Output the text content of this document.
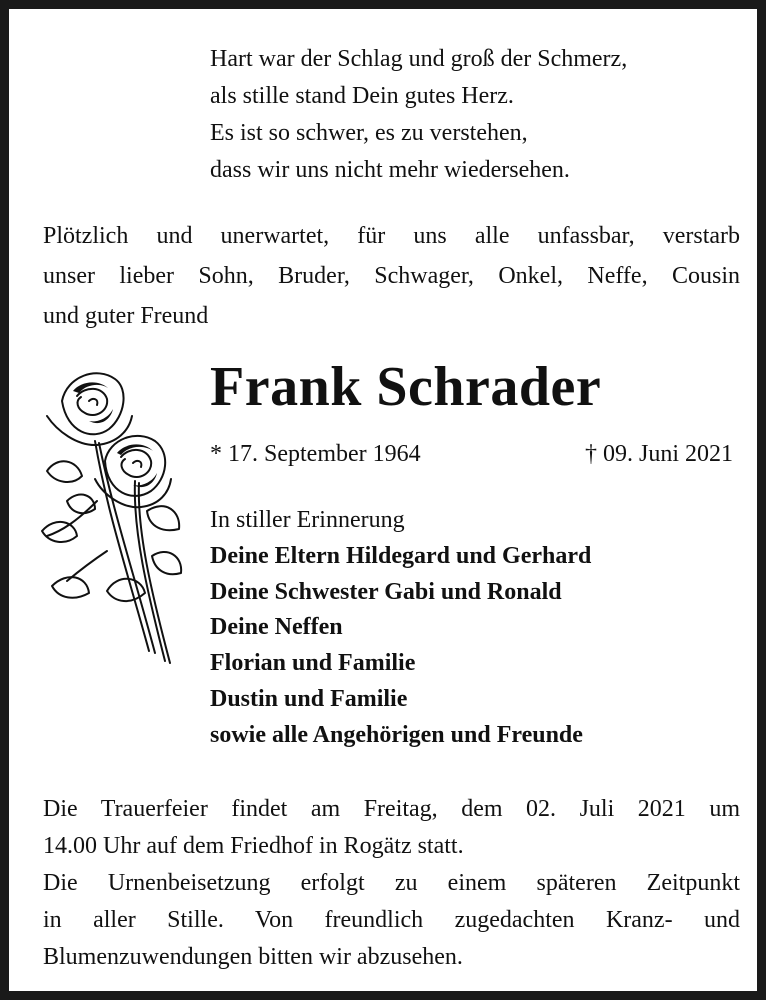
Hart war der Schlag und groß der Schmerz,
als stille stand Dein gutes Herz.
Es ist so schwer, es zu verstehen,
dass wir uns nicht mehr wiedersehen.
Plötzlich und unerwartet, für uns alle unfassbar, verstarb
unser lieber Sohn, Bruder, Schwager, Onkel, Neffe, Cousin
und guter Freund
Frank Schrader
* 17. September 1964	† 09. Juni 2021
In stiller Erinnerung
Deine Eltern Hildegard und Gerhard
Deine Schwester Gabi und Ronald
Deine Neffen
Florian und Familie
Dustin und Familie
sowie alle Angehörigen und Freunde
Die Trauerfeier findet am Freitag, dem 02. Juli 2021 um
14.00 Uhr auf dem Friedhof in Rogätz statt.
Die Urnenbeisetzung erfolgt zu einem späteren Zeitpunkt
in aller Stille. Von freundlich zugedachten Kranz- und
Blumenzuwendungen bitten wir abzusehen.
